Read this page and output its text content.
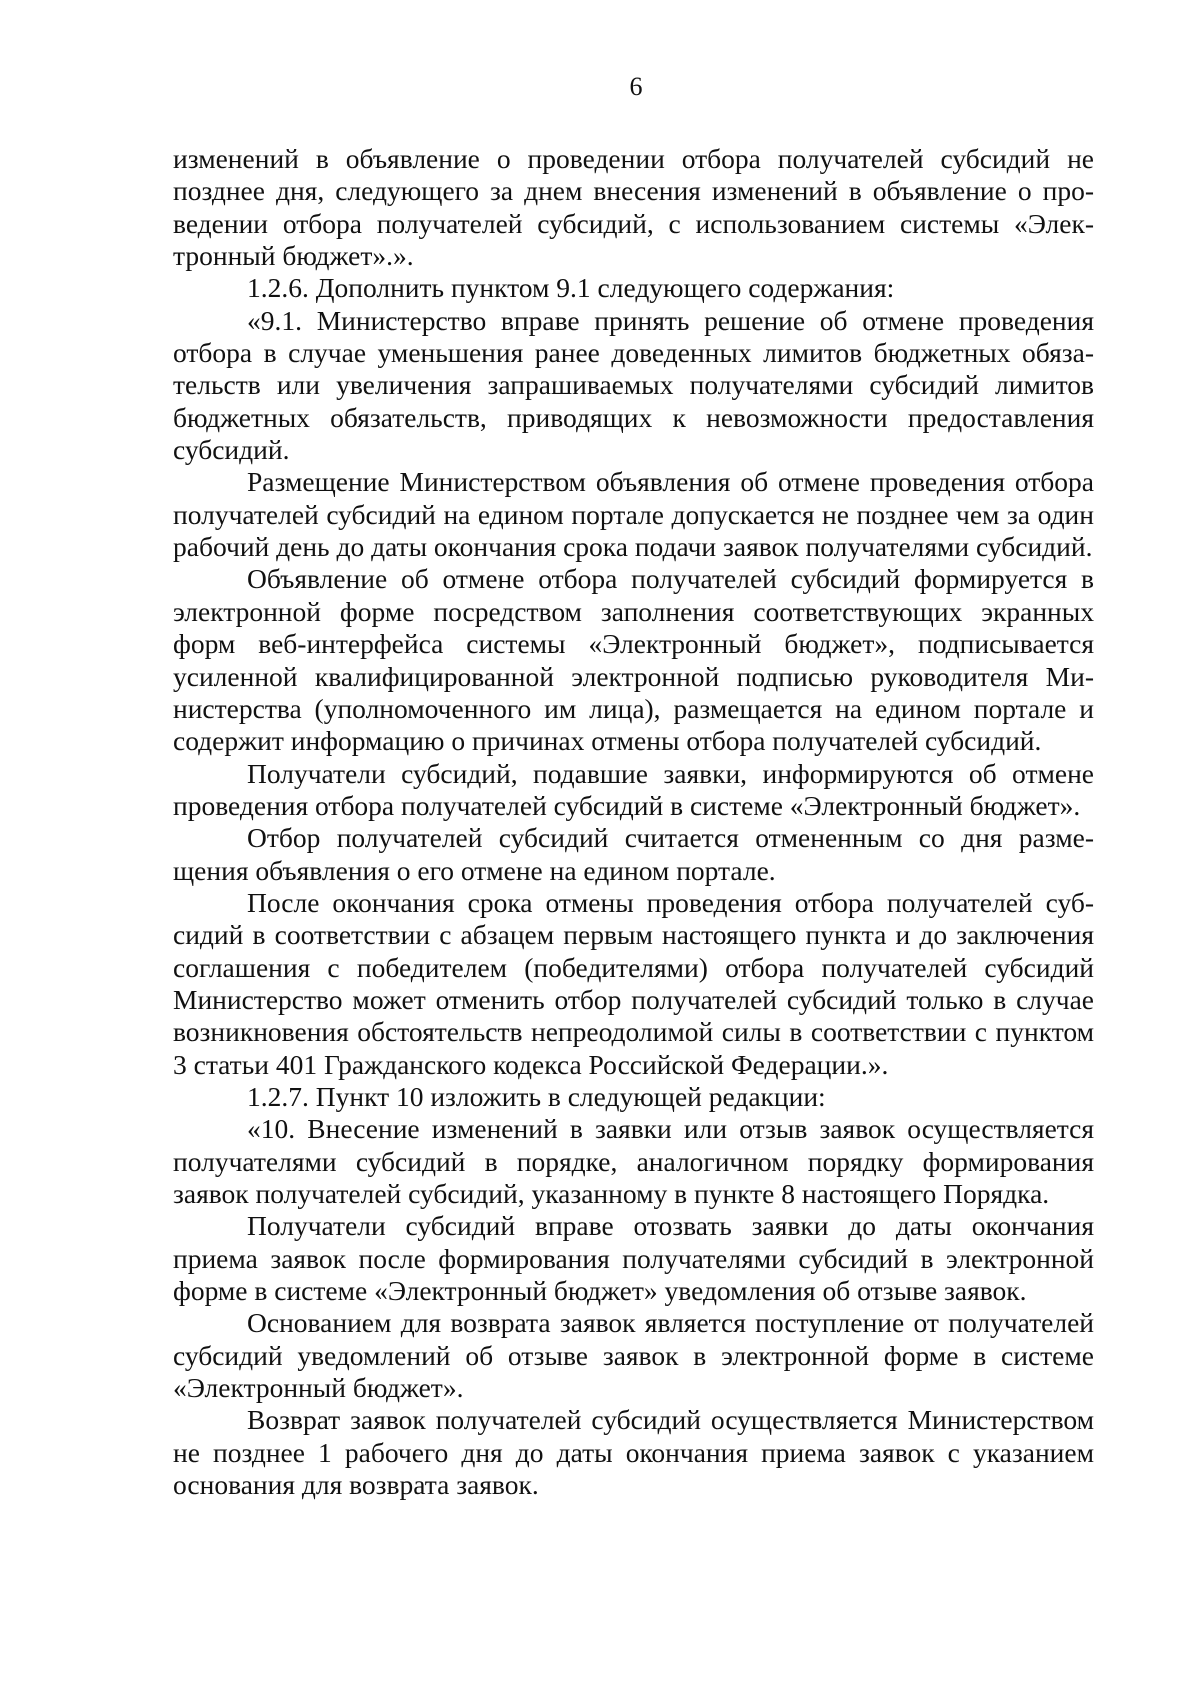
6

изменений в объявление о проведении отбора получателей субсидий не позднее дня, следующего за днем внесения изменений в объявление о проведении отбора получателей субсидий, с использованием системы «Электронный бюджет».».

1.2.6. Дополнить пунктом 9.1 следующего содержания:

«9.1. Министерство вправе принять решение об отмене проведения отбора в случае уменьшения ранее доведенных лимитов бюджетных обязательств или увеличения запрашиваемых получателями субсидий лимитов бюджетных обязательств, приводящих к невозможности предоставления субсидий.

Размещение Министерством объявления об отмене проведения отбора получателей субсидий на едином портале допускается не позднее чем за один рабочий день до даты окончания срока подачи заявок получателями субсидий.

Объявление об отмене отбора получателей субсидий формируется в электронной форме посредством заполнения соответствующих экранных форм веб-интерфейса системы «Электронный бюджет», подписывается усиленной квалифицированной электронной подписью руководителя Министерства (уполномоченного им лица), размещается на едином портале и содержит информацию о причинах отмены отбора получателей субсидий.

Получатели субсидий, подавшие заявки, информируются об отмене проведения отбора получателей субсидий в системе «Электронный бюджет».

Отбор получателей субсидий считается отмененным со дня размещения объявления о его отмене на едином портале.

После окончания срока отмены проведения отбора получателей субсидий в соответствии с абзацем первым настоящего пункта и до заключения соглашения с победителем (победителями) отбора получателей субсидий Министерство может отменить отбор получателей субсидий только в случае возникновения обстоятельств непреодолимой силы в соответствии с пунктом 3 статьи 401 Гражданского кодекса Российской Федерации.».

1.2.7. Пункт 10 изложить в следующей редакции:

«10. Внесение изменений в заявки или отзыв заявок осуществляется получателями субсидий в порядке, аналогичном порядку формирования заявок получателей субсидий, указанному в пункте 8 настоящего Порядка.

Получатели субсидий вправе отозвать заявки до даты окончания приема заявок после формирования получателями субсидий в электронной форме в системе «Электронный бюджет» уведомления об отзыве заявок.

Основанием для возврата заявок является поступление от получателей субсидий уведомлений об отзыве заявок в электронной форме в системе «Электронный бюджет».

Возврат заявок получателей субсидий осуществляется Министерством не позднее 1 рабочего дня до даты окончания приема заявок с указанием основания для возврата заявок.
